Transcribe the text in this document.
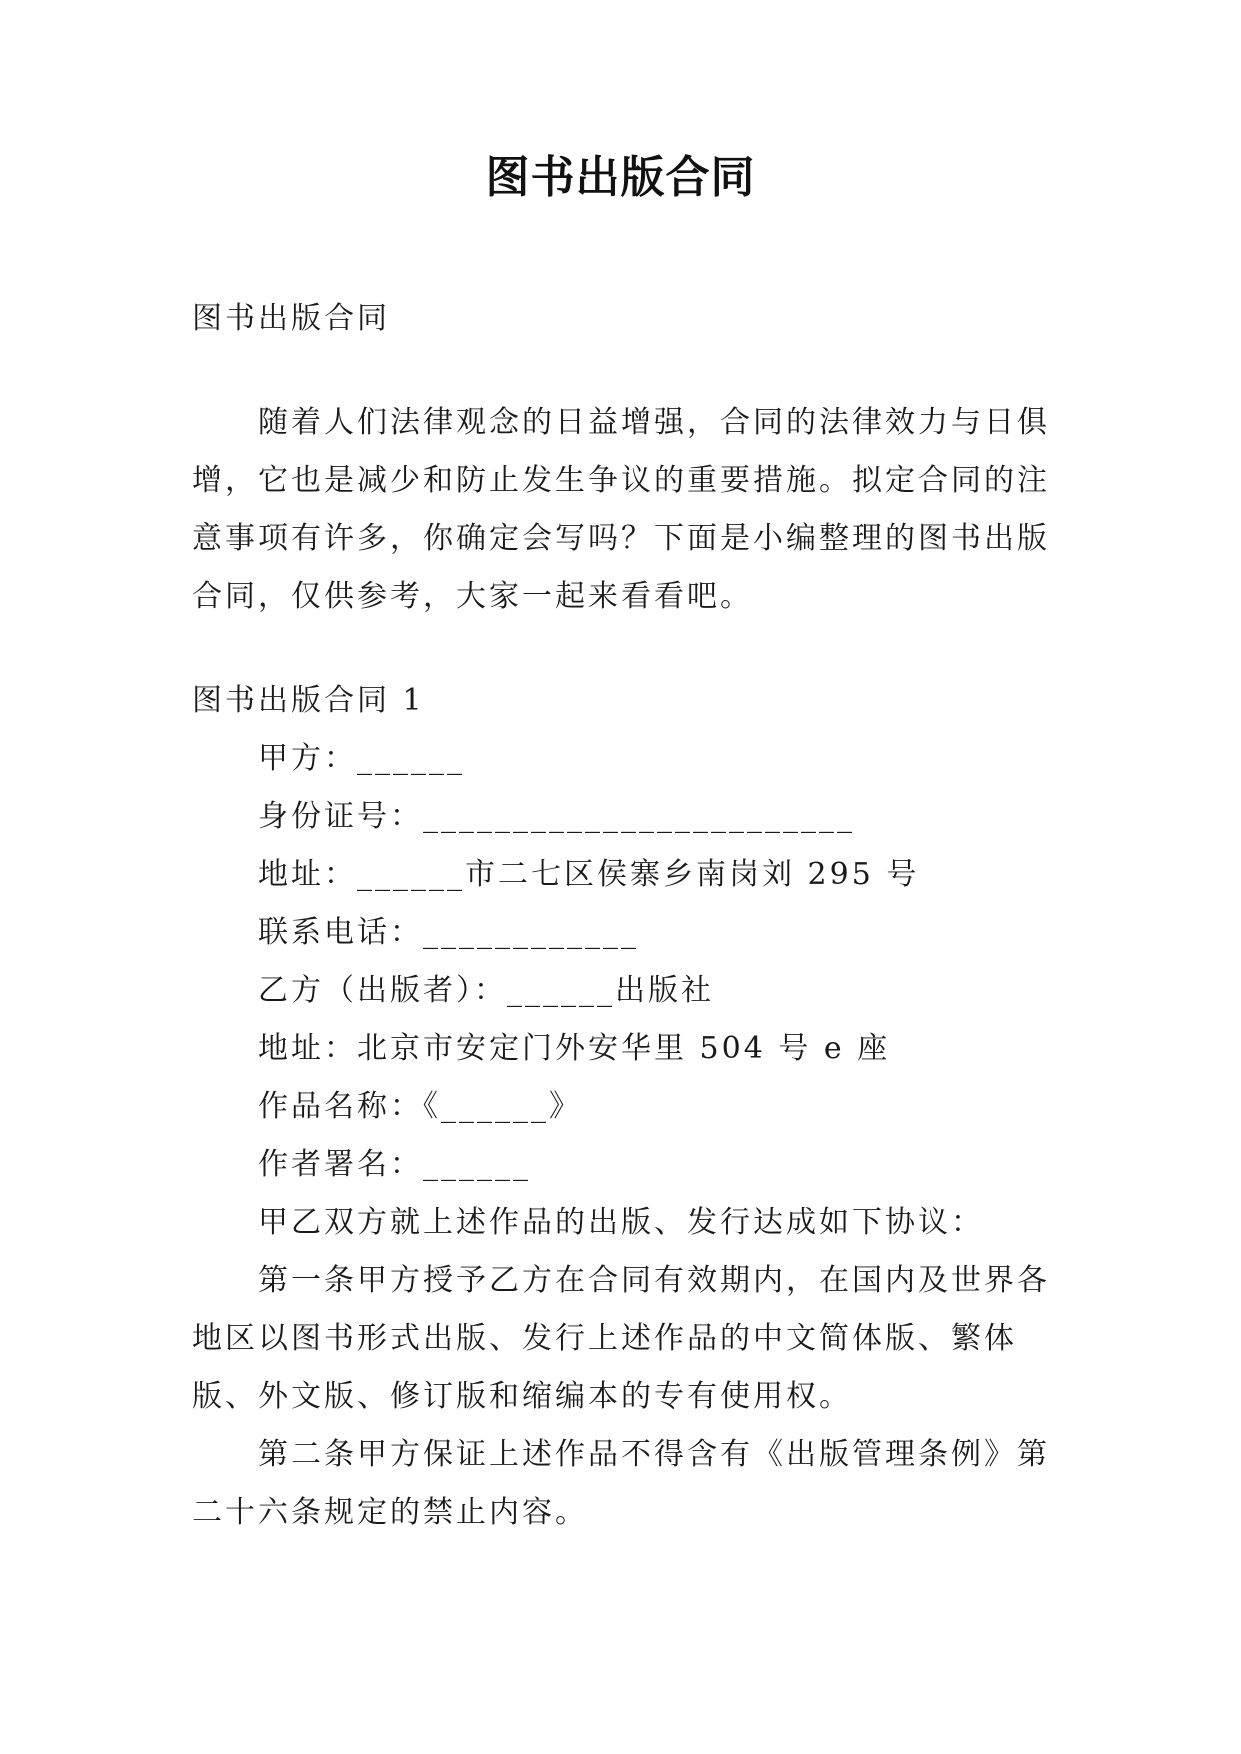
图书出版合同

图书出版合同

随着人们法律观念的日益增强，合同的法律效力与日俱增，它也是减少和防止发生争议的重要措施。拟定合同的注意事项有许多，你确定会写吗？下面是小编整理的图书出版合同，仅供参考，大家一起来看看吧。

图书出版合同 1

甲方：______

身份证号：________________________

地址：______市二七区侯寨乡南岗刘 295 号

联系电话：____________

乙方（出版者）：______出版社

地址：北京市安定门外安华里 504 号 e 座

作品名称：《______》

作者署名：______

甲乙双方就上述作品的出版、发行达成如下协议：

第一条甲方授予乙方在合同有效期内，在国内及世界各地区以图书形式出版、发行上述作品的中文简体版、繁体版、外文版、修订版和缩编本的专有使用权。

第二条甲方保证上述作品不得含有《出版管理条例》第二十六条规定的禁止内容。
